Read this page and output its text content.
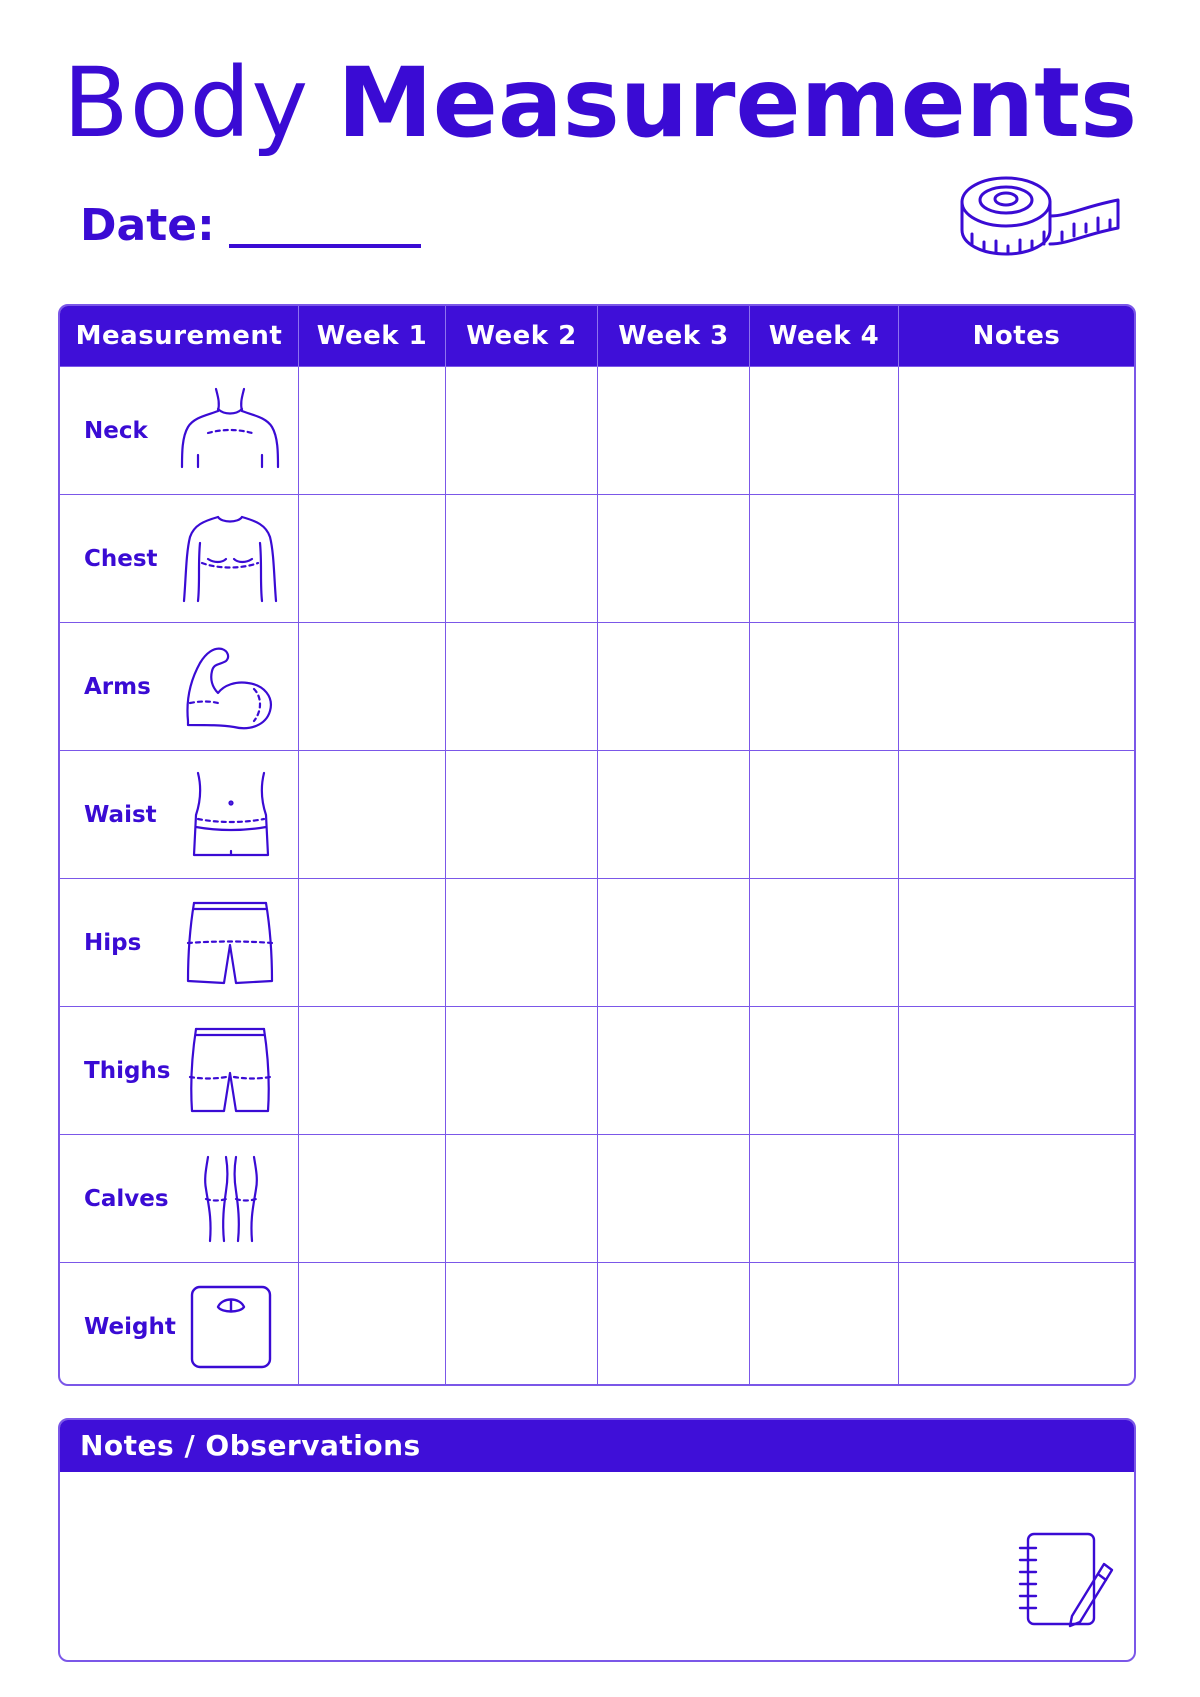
Body Measurements
Date:
Measurement	Week 1	Week 2	Week 3	Week 4	Notes

Neck					

Chest					

Arms					

Waist					

Hips					

Thighs					

Calves					

Weight					

Notes / Observations
